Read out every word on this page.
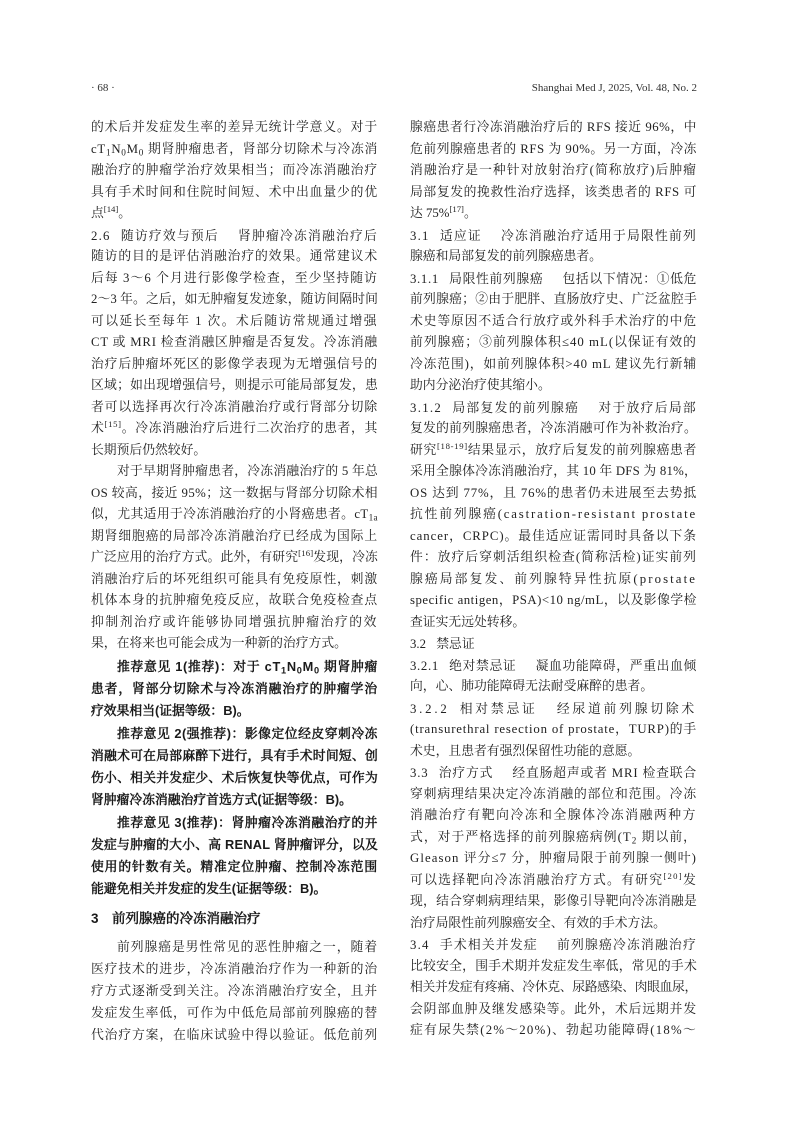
· 68 ·	Shanghai Med J, 2025, Vol. 48, No. 2
的术后并发症发生率的差异无统计学意义。对于
$cT_1N_0M_0$ 期肾肿瘤患者，肾部分切除术与冷冻消
融治疗的肿瘤学治疗效果相当；而冷冻消融治疗
具有手术时间和住院时间短、术中出血量少的优
点[14]。
2.6 随访疗效与预后 肾肿瘤冷冻消融治疗后
随访的目的是评估消融治疗的效果。通常建议术
后每 3～6 个月进行影像学检查，至少坚持随访
2～3 年。之后，如无肿瘤复发迹象，随访间隔时间
可以延长至每年 1 次。术后随访常规通过增强
CT 或 MRI 检查消融区肿瘤是否复发。冷冻消融
治疗后肿瘤坏死区的影像学表现为无增强信号的
区域；如出现增强信号，则提示可能局部复发，患
者可以选择再次行冷冻消融治疗或行肾部分切除
术[15]。冷冻消融治疗后进行二次治疗的患者，其
长期预后仍然较好。
对于早期肾肿瘤患者，冷冻消融治疗的 5 年总
OS 较高，接近 95%；这一数据与肾部分切除术相
似，尤其适用于冷冻消融治疗的小肾癌患者。$cT_{1a}$
期肾细胞癌的局部冷冻消融治疗已经成为国际上
广泛应用的治疗方式。此外，有研究[16]发现，冷冻
消融治疗后的坏死组织可能具有免疫原性，刺激
机体本身的抗肿瘤免疫反应，故联合免疫检查点
抑制剂治疗或许能够协同增强抗肿瘤治疗的效
果，在将来也可能会成为一种新的治疗方式。
推荐意见 1(推荐)：对于 $cT_1N_0M_0$ 期肾肿瘤
患者，肾部分切除术与冷冻消融治疗的肿瘤学治
疗效果相当(证据等级：B)。
推荐意见 2(强推荐)：影像定位经皮穿刺冷冻
消融术可在局部麻醉下进行，具有手术时间短、创
伤小、相关并发症少、术后恢复快等优点，可作为
肾肿瘤冷冻消融治疗首选方式(证据等级：B)。
推荐意见 3(推荐)：肾肿瘤冷冻消融治疗的并
发症与肿瘤的大小、高 RENAL 肾肿瘤评分，以及
使用的针数有关。精准定位肿瘤、控制冷冻范围
能避免相关并发症的发生(证据等级：B)。
3 前列腺癌的冷冻消融治疗
前列腺癌是男性常见的恶性肿瘤之一，随着
医疗技术的进步，冷冻消融治疗作为一种新的治
疗方式逐渐受到关注。冷冻消融治疗安全，且并
发症发生率低，可作为中低危局部前列腺癌的替
代治疗方案，在临床试验中得以验证。低危前列
腺癌患者行冷冻消融治疗后的 RFS 接近 96%，中
危前列腺癌患者的 RFS 为 90%。另一方面，冷冻
消融治疗是一种针对放射治疗(简称放疗)后肿瘤
局部复发的挽救性治疗选择，该类患者的 RFS 可
达 75%[17]。
3.1 适应证 冷冻消融治疗适用于局限性前列
腺癌和局部复发的前列腺癌患者。
3.1.1 局限性前列腺癌 包括以下情况：①低危
前列腺癌；②由于肥胖、直肠放疗史、广泛盆腔手
术史等原因不适合行放疗或外科手术治疗的中危
前列腺癌；③前列腺体积≤40 mL(以保证有效的
冷冻范围)，如前列腺体积>40 mL 建议先行新辅
助内分泌治疗使其缩小。
3.1.2 局部复发的前列腺癌 对于放疗后局部
复发的前列腺癌患者，冷冻消融可作为补救治疗。
研究[18-19]结果显示，放疗后复发的前列腺癌患者
采用全腺体冷冻消融治疗，其 10 年 DFS 为 81%，
OS 达到 77%，且 76%的患者仍未进展至去势抵
抗性前列腺癌(castration-resistant prostate
cancer，CRPC)。最佳适应证需同时具备以下条
件：放疗后穿刺活组织检查(简称活检)证实前列
腺癌局部复发、前列腺特异性抗原(prostate
specific antigen，PSA)<10 ng/mL，以及影像学检
查证实无远处转移。
3.2 禁忌证
3.2.1 绝对禁忌证 凝血功能障碍，严重出血倾
向，心、肺功能障碍无法耐受麻醉的患者。
3.2.2 相对禁忌证 经尿道前列腺切除术
(transurethral resection of prostate，TURP)的手
术史，且患者有强烈保留性功能的意愿。
3.3 治疗方式 经直肠超声或者 MRI 检查联合
穿刺病理结果决定冷冻消融的部位和范围。冷冻
消融治疗有靶向冷冻和全腺体冷冻消融两种方
式，对于严格选择的前列腺癌病例($T_2$ 期以前，
Gleason 评分≤7 分，肿瘤局限于前列腺一侧叶)
可以选择靶向冷冻消融治疗方式。有研究[20]发
现，结合穿刺病理结果，影像引导靶向冷冻消融是
治疗局限性前列腺癌安全、有效的手术方法。
3.4 手术相关并发症 前列腺癌冷冻消融治疗
比较安全，围手术期并发症发生率低，常见的手术
相关并发症有疼痛、冷休克、尿路感染、肉眼血尿，
会阴部血肿及继发感染等。此外，术后远期并发
症有尿失禁(2%～20%)、勃起功能障碍(18%～
